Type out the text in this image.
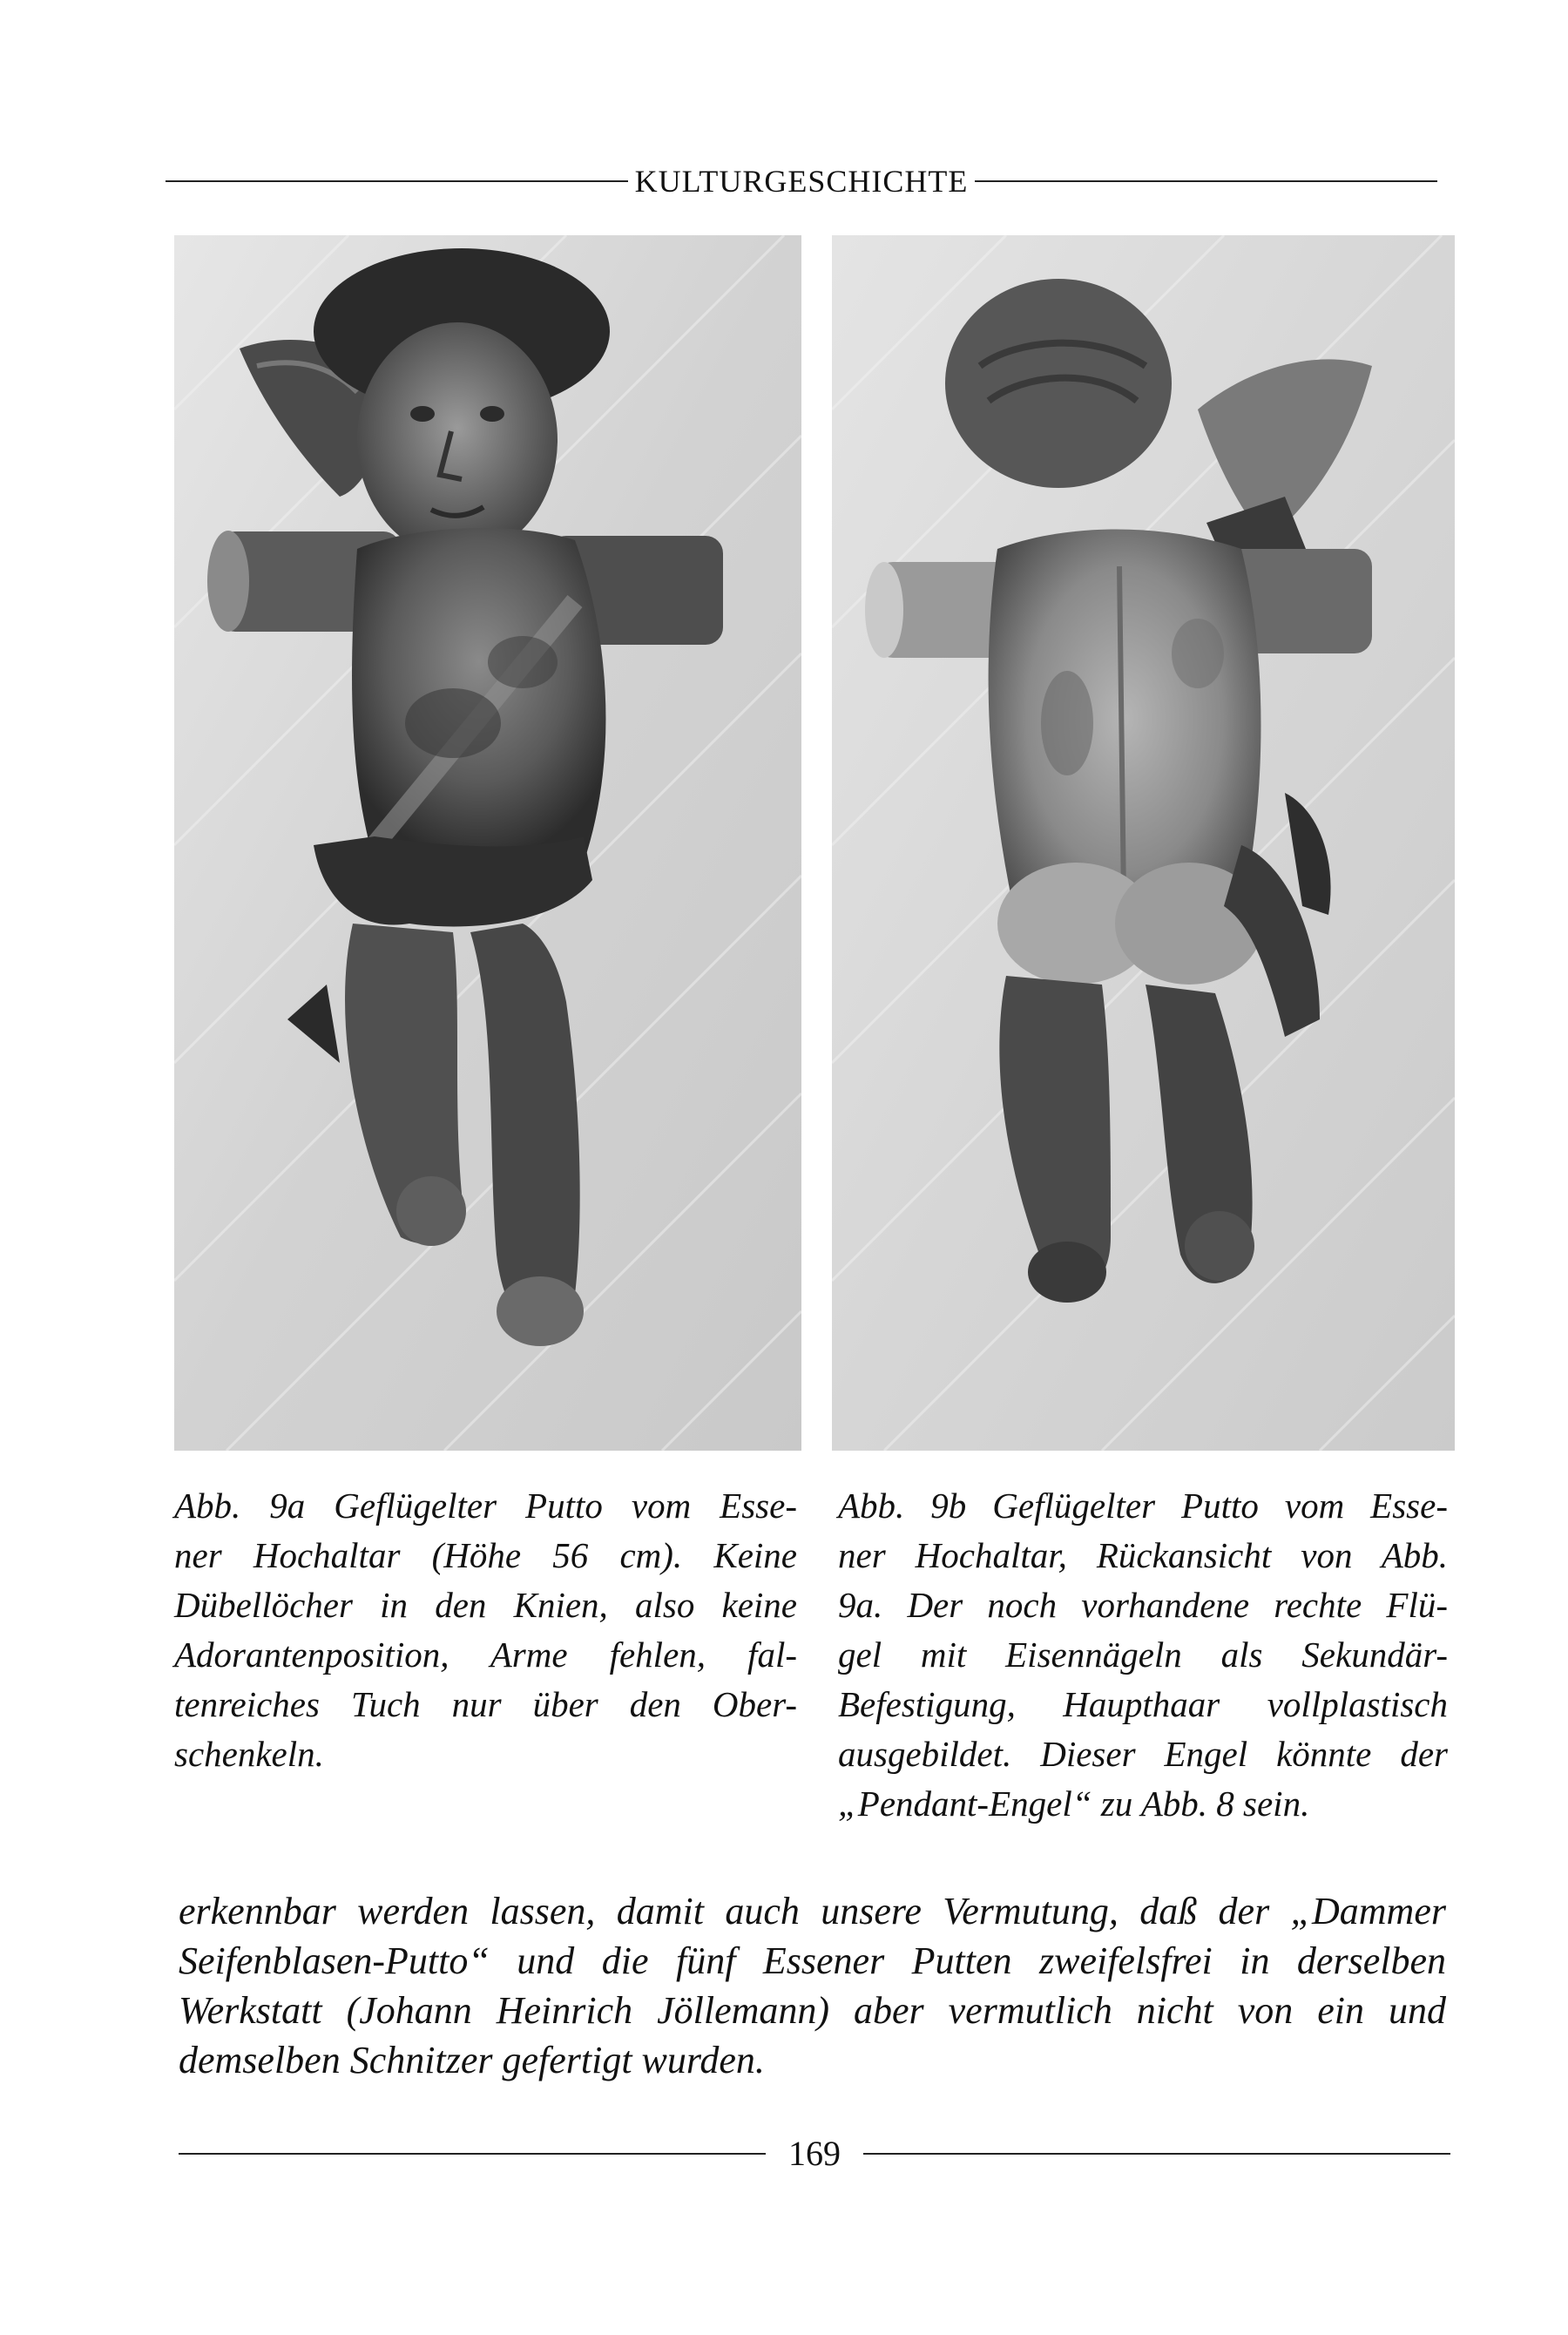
KULTURGESCHICHTE
Abb. 9a Geflügelter Putto vom Esse-
ner Hochaltar (Höhe 56 cm). Keine
Dübellöcher in den Knien, also keine
Adorantenposition, Arme fehlen, fal-
tenreiches Tuch nur über den Ober-
schenkeln.
Abb. 9b Geflügelter Putto vom Esse-
ner Hochaltar, Rückansicht von Abb.
9a. Der noch vorhandene rechte Flü-
gel mit Eisennägeln als Sekundär-
Befestigung, Haupthaar vollplastisch
ausgebildet. Dieser Engel könnte der
„Pendant-Engel“ zu Abb. 8 sein.
erkennbar werden lassen, damit auch unsere Vermutung, daß der „Dammer
Seifenblasen-Putto“ und die fünf Essener Putten zweifelsfrei in derselben
Werkstatt (Johann Heinrich Jöllemann) aber vermutlich nicht von ein und
demselben Schnitzer gefertigt wurden.
169
